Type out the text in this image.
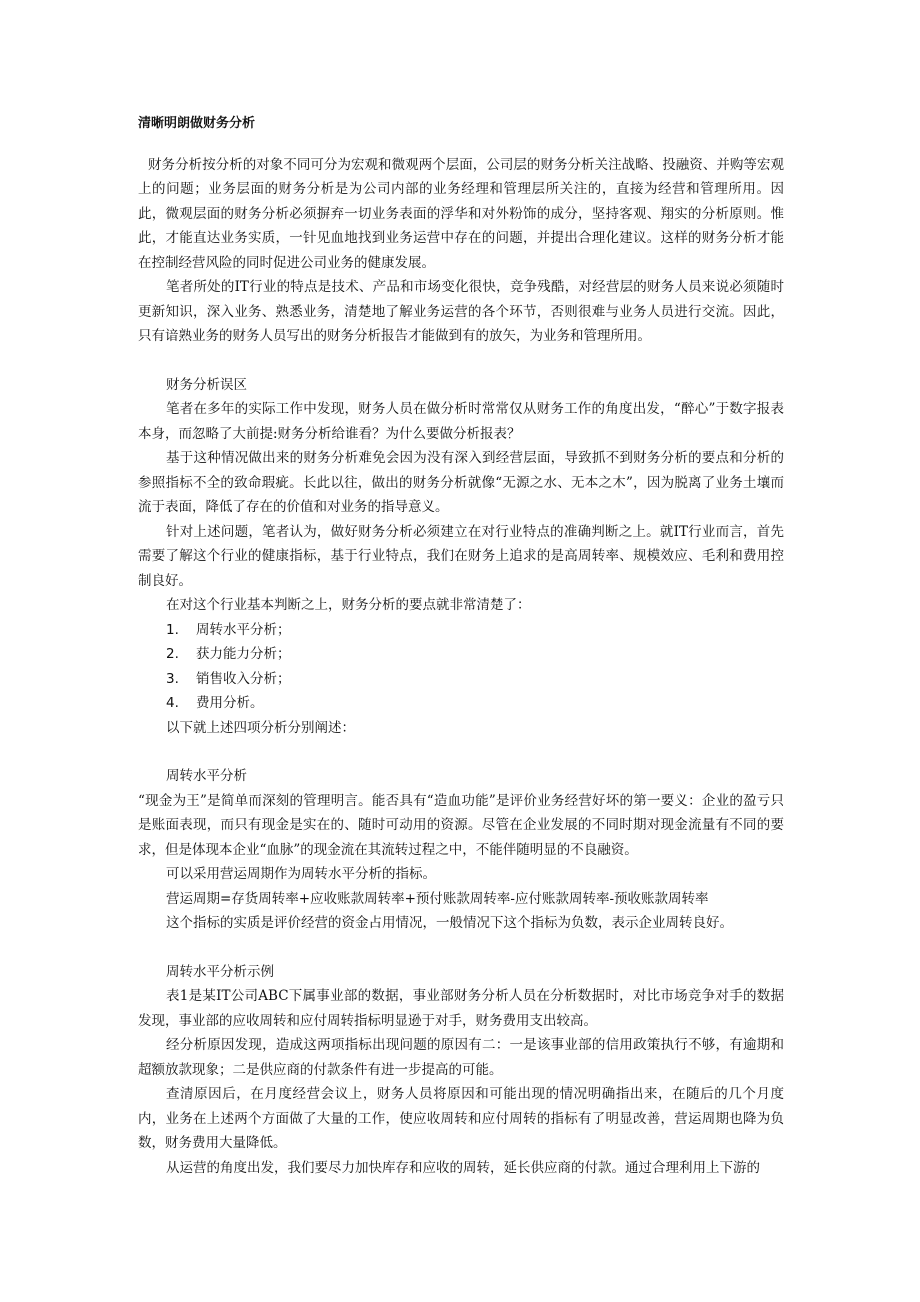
清晰明朗做财务分析

财务分析按分析的对象不同可分为宏观和微观两个层面，公司层的财务分析关注战略、投融资、并购等宏观上的问题；业务层面的财务分析是为公司内部的业务经理和管理层所关注的，直接为经营和管理所用。因此，微观层面的财务分析必须摒弃一切业务表面的浮华和对外粉饰的成分，坚持客观、翔实的分析原则。惟此，才能直达业务实质，一针见血地找到业务运营中存在的问题，并提出合理化建议。这样的财务分析才能在控制经营风险的同时促进公司业务的健康发展。

笔者所处的IT行业的特点是技术、产品和市场变化很快，竞争残酷，对经营层的财务人员来说必须随时更新知识，深入业务、熟悉业务，清楚地了解业务运营的各个环节，否则很难与业务人员进行交流。因此，只有谙熟业务的财务人员写出的财务分析报告才能做到有的放矢，为业务和管理所用。

财务分析误区

笔者在多年的实际工作中发现，财务人员在做分析时常常仅从财务工作的角度出发，“醉心”于数字报表本身，而忽略了大前提:财务分析给谁看？为什么要做分析报表？

基于这种情况做出来的财务分析难免会因为没有深入到经营层面，导致抓不到财务分析的要点和分析的参照指标不全的致命瑕疵。长此以往，做出的财务分析就像“无源之水、无本之木”，因为脱离了业务土壤而流于表面，降低了存在的价值和对业务的指导意义。

针对上述问题，笔者认为，做好财务分析必须建立在对行业特点的准确判断之上。就IT行业而言，首先需要了解这个行业的健康指标，基于行业特点，我们在财务上追求的是高周转率、规模效应、毛利和费用控制良好。

在对这个行业基本判断之上，财务分析的要点就非常清楚了：

1.	周转水平分析；
2.	获力能力分析；
3.	销售收入分析；
4.	费用分析。

以下就上述四项分析分别阐述：

周转水平分析

“现金为王”是简单而深刻的管理明言。能否具有“造血功能”是评价业务经营好坏的第一要义：企业的盈亏只是账面表现，而只有现金是实在的、随时可动用的资源。尽管在企业发展的不同时期对现金流量有不同的要求，但是体现本企业“血脉”的现金流在其流转过程之中，不能伴随明显的不良融资。

可以采用营运周期作为周转水平分析的指标。

营运周期=存货周转率+应收账款周转率+预付账款周转率-应付账款周转率-预收账款周转率

这个指标的实质是评价经营的资金占用情况，一般情况下这个指标为负数，表示企业周转良好。

周转水平分析示例

表1是某IT公司ABC下属事业部的数据，事业部财务分析人员在分析数据时，对比市场竞争对手的数据发现，事业部的应收周转和应付周转指标明显逊于对手，财务费用支出较高。

经分析原因发现，造成这两项指标出现问题的原因有二：一是该事业部的信用政策执行不够，有逾期和超额放款现象；二是供应商的付款条件有进一步提高的可能。

查清原因后，在月度经营会议上，财务人员将原因和可能出现的情况明确指出来，在随后的几个月度内，业务在上述两个方面做了大量的工作，使应收周转和应付周转的指标有了明显改善，营运周期也降为负数，财务费用大量降低。

从运营的角度出发，我们要尽力加快库存和应收的周转，延长供应商的付款。通过合理利用上下游的
